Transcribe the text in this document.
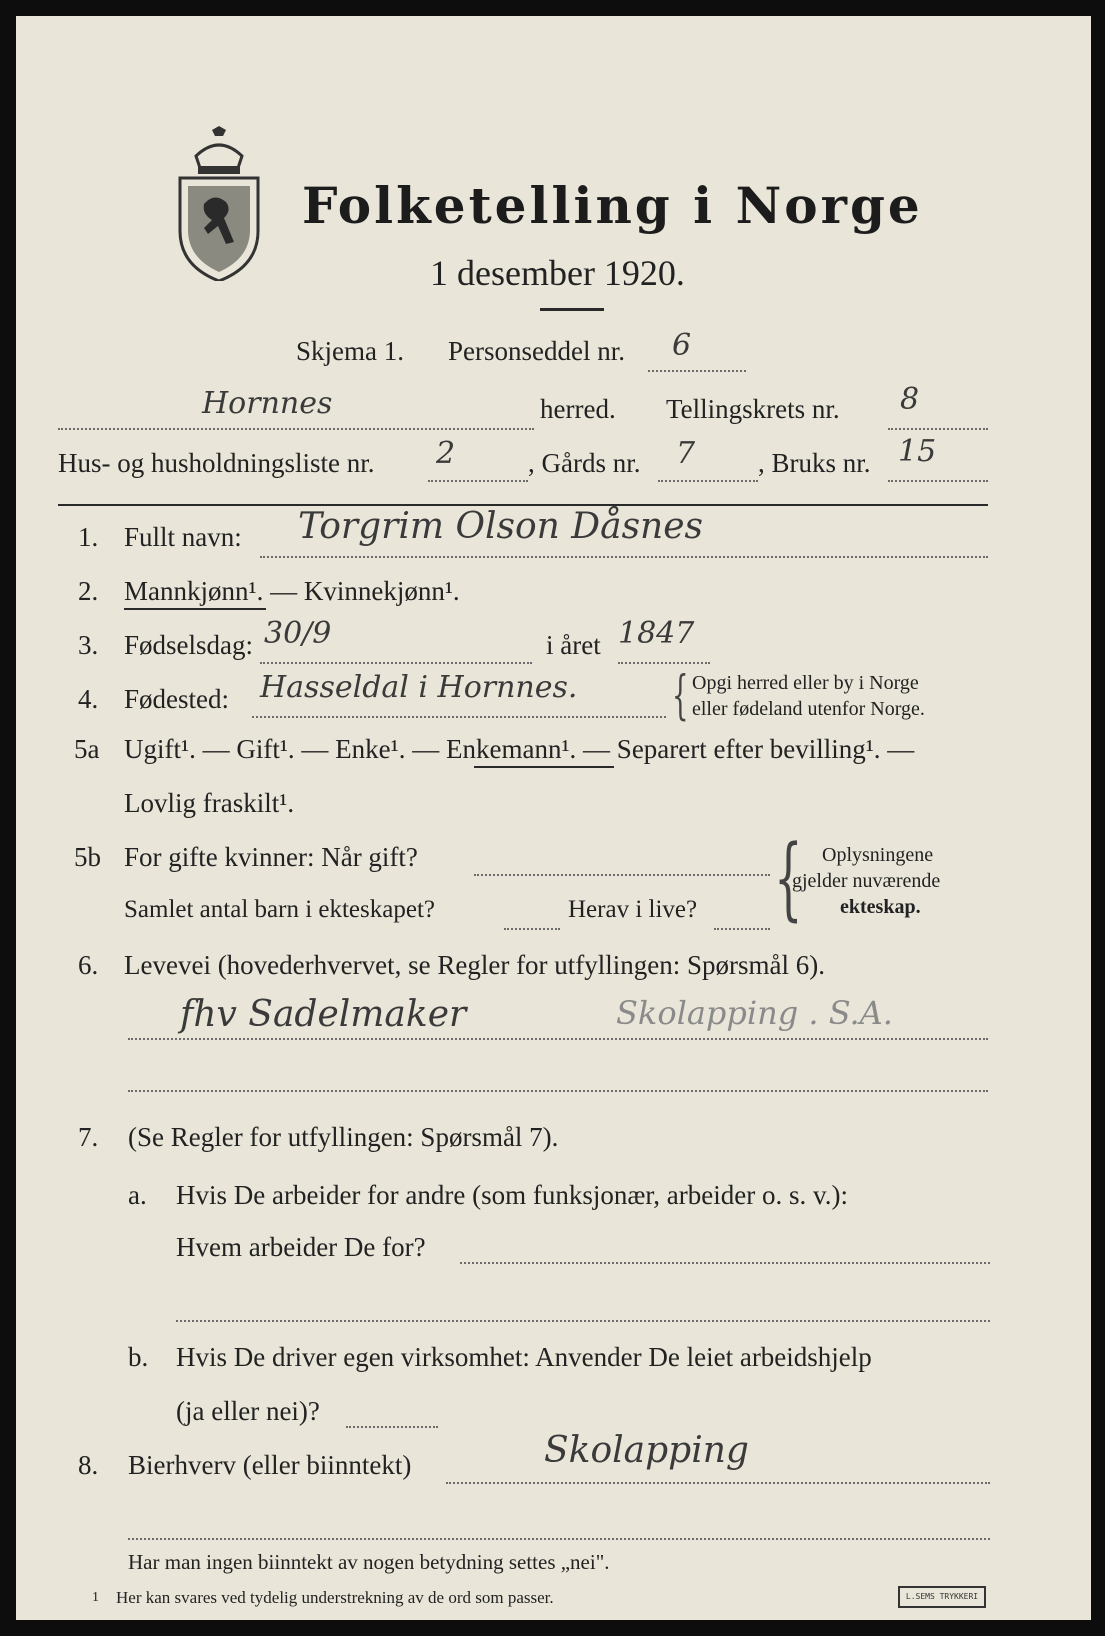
Folketelling i Norge
1 desember 1920.
Skjema 1. Personseddel nr. 6
Hornnes	herred. Tellingskrets nr. 8
Hus- og husholdningsliste nr. 2	, Gårds nr. 7 , Bruks nr. 15
1. Fullt navn: Torgrim Olson Dåsnes
2. Mannkjønn¹. — Kvinnekjønn¹.
3. Fødselsdag: 30/9	i året 1847
4. Fødested: Hasseldal i Hornnes. { Opgi herred eller by i Norge
eller fødeland utenfor Norge.
5a Ugift¹. — Gift¹. — Enke¹. — Enkemann¹. — Separert efter bevilling¹. —
Lovlig fraskilt¹.
5b For gifte kvinner: Når gift?
Samlet antal barn i ekteskapet?	Herav i live? { Oplysningene
gjelder nuværende
ekteskap.
6. Levevei (hovederhvervet, se Regler for utfyllingen: Spørsmål 6).
fhv Sadelmaker	Skolapping . S.A.
7.	(Se Regler for utfyllingen: Spørsmål 7).
a. Hvis De arbeider for andre (som funksjonær, arbeider o. s. v.):
Hvem arbeider De for?
b. Hvis De driver egen virksomhet: Anvender De leiet arbeidshjelp
(ja eller nei)?
8.	Bierhverv (eller biinntekt)	Skolapping
Har man ingen biinntekt av nogen betydning settes „nei".
1 Her kan svares ved tydelig understrekning av de ord som passer.	L.SEMS TRYKKERI
